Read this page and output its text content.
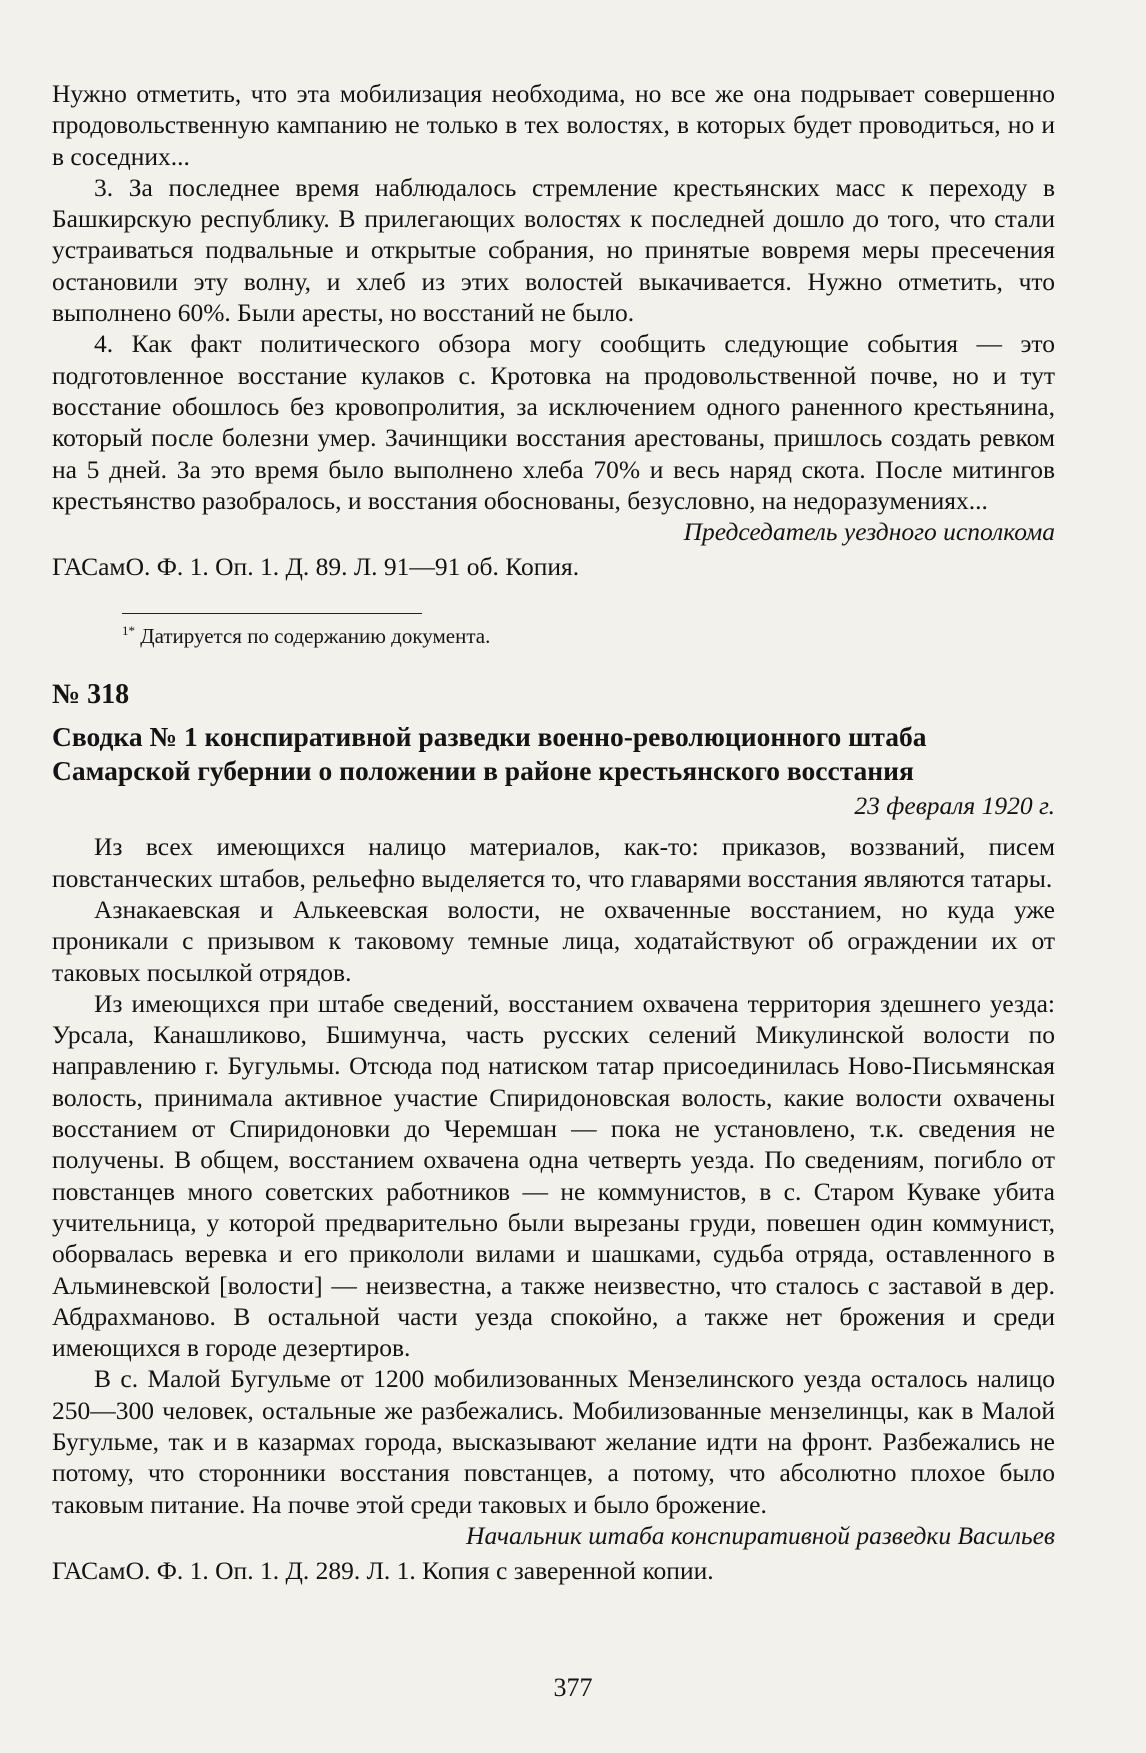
Нужно отметить, что эта мобилизация необходима, но все же она подрывает совершенно продовольственную кампанию не только в тех волостях, в которых будет проводиться, но и в соседних...

3. За последнее время наблюдалось стремление крестьянских масс к переходу в Башкирскую республику. В прилегающих волостях к последней дошло до того, что стали устраиваться подвальные и открытые собрания, но принятые вовремя меры пресечения остановили эту волну, и хлеб из этих волостей выкачивается. Нужно отметить, что выполнено 60%. Были аресты, но восстаний не было.

4. Как факт политического обзора могу сообщить следующие события — это подготовленное восстание кулаков с. Кротовка на продовольственной почве, но и тут восстание обошлось без кровопролития, за исключением одного раненного крестьянина, который после болезни умер. Зачинщики восстания арестованы, пришлось создать ревком на 5 дней. За это время было выполнено хлеба 70% и весь наряд скота. После митингов крестьянство разобралось, и восстания обоснованы, безусловно, на недоразумениях...

Председатель уездного исполкома

ГАСамО. Ф. 1. Оп. 1. Д. 89. Л. 91—91 об. Копия.

$^{1*}$ Датируется по содержанию документа.

№ 318
Сводка № 1 конспиративной разведки военно-революционного штаба Самарской губернии о положении в районе крестьянского восстания
23 февраля 1920 г.

Из всех имеющихся налицо материалов, как-то: приказов, воззваний, писем повстанческих штабов, рельефно выделяется то, что главарями восстания являются татары.

Азнакаевская и Алькеевская волости, не охваченные восстанием, но куда уже проникали с призывом к таковому темные лица, ходатайствуют об ограждении их от таковых посылкой отрядов.

Из имеющихся при штабе сведений, восстанием охвачена территория здешнего уезда: Урсала, Канашликово, Бшимунча, часть русских селений Микулинской волости по направлению г. Бугульмы. Отсюда под натиском татар присоединилась Ново-Письмянская волость, принимала активное участие Спиридоновская волость, какие волости охвачены восстанием от Спиридоновки до Черемшан — пока не установлено, т.к. сведения не получены. В общем, восстанием охвачена одна четверть уезда. По сведениям, погибло от повстанцев много советских работников — не коммунистов, в с. Старом Куваке убита учительница, у которой предварительно были вырезаны груди, повешен один коммунист, оборвалась веревка и его прикололи вилами и шашками, судьба отряда, оставленного в Альминевской [волости] — неизвестна, а также неизвестно, что сталось с заставой в дер. Абдрахманово. В остальной части уезда спокойно, а также нет брожения и среди имеющихся в городе дезертиров.

В с. Малой Бугульме от 1200 мобилизованных Мензелинского уезда осталось налицо 250—300 человек, остальные же разбежались. Мобилизованные мензелинцы, как в Малой Бугульме, так и в казармах города, высказывают желание идти на фронт. Разбежались не потому, что сторонники восстания повстанцев, а потому, что абсолютно плохое было таковым питание. На почве этой среди таковых и было брожение.

Начальник штаба конспиративной разведки Васильев

ГАСамО. Ф. 1. Оп. 1. Д. 289. Л. 1. Копия с заверенной копии.

377
